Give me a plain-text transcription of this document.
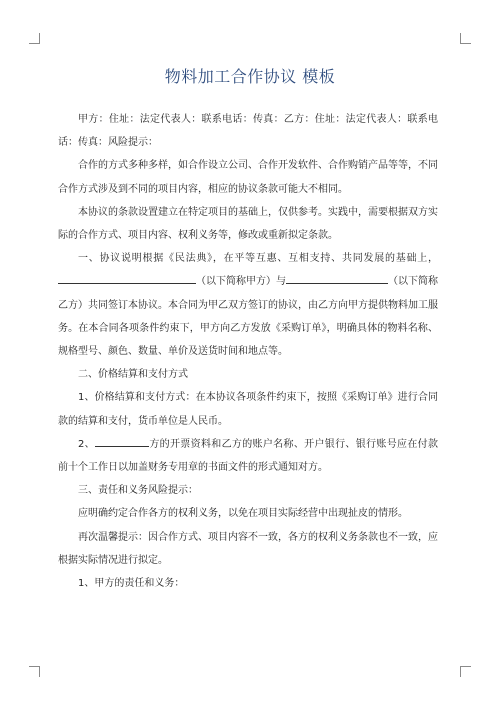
物料加工合作协议 模板

甲方：住址：法定代表人：联系电话：传真：乙方：住址：法定代表人：联系电话：传真：风险提示：

合作的方式多种多样，如合作设立公司、合作开发软件、合作购销产品等等，不同合作方式涉及到不同的项目内容，相应的协议条款可能大不相同。

本协议的条款设置建立在特定项目的基础上，仅供参考。实践中，需要根据双方实际的合作方式、项目内容、权利义务等，修改或重新拟定条款。

一、协议说明根据《民法典》，在平等互惠、互相支持、共同发展的基础上，（以下简称甲方）与	（以下简称乙方）共同签订本协议。本合同为甲乙双方签订的协议，由乙方向甲方提供物料加工服务。在本合同各项条件约束下，甲方向乙方发放《采购订单》，明确具体的物料名称、规格型号、颜色、数量、单价及送货时间和地点等。

二、价格结算和支付方式

1、价格结算和支付方式：在本协议各项条件约束下，按照《采购订单》进行合同款的结算和支付，货币单位是人民币。

2、	方的开票资料和乙方的账户名称、开户银行、银行账号应在付款前十个工作日以加盖财务专用章的书面文件的形式通知对方。

三、责任和义务风险提示：

应明确约定合作各方的权利义务，以免在项目实际经营中出现扯皮的情形。

再次温馨提示：因合作方式、项目内容不一致，各方的权利义务条款也不一致，应根据实际情况进行拟定。

1、甲方的责任和义务：
